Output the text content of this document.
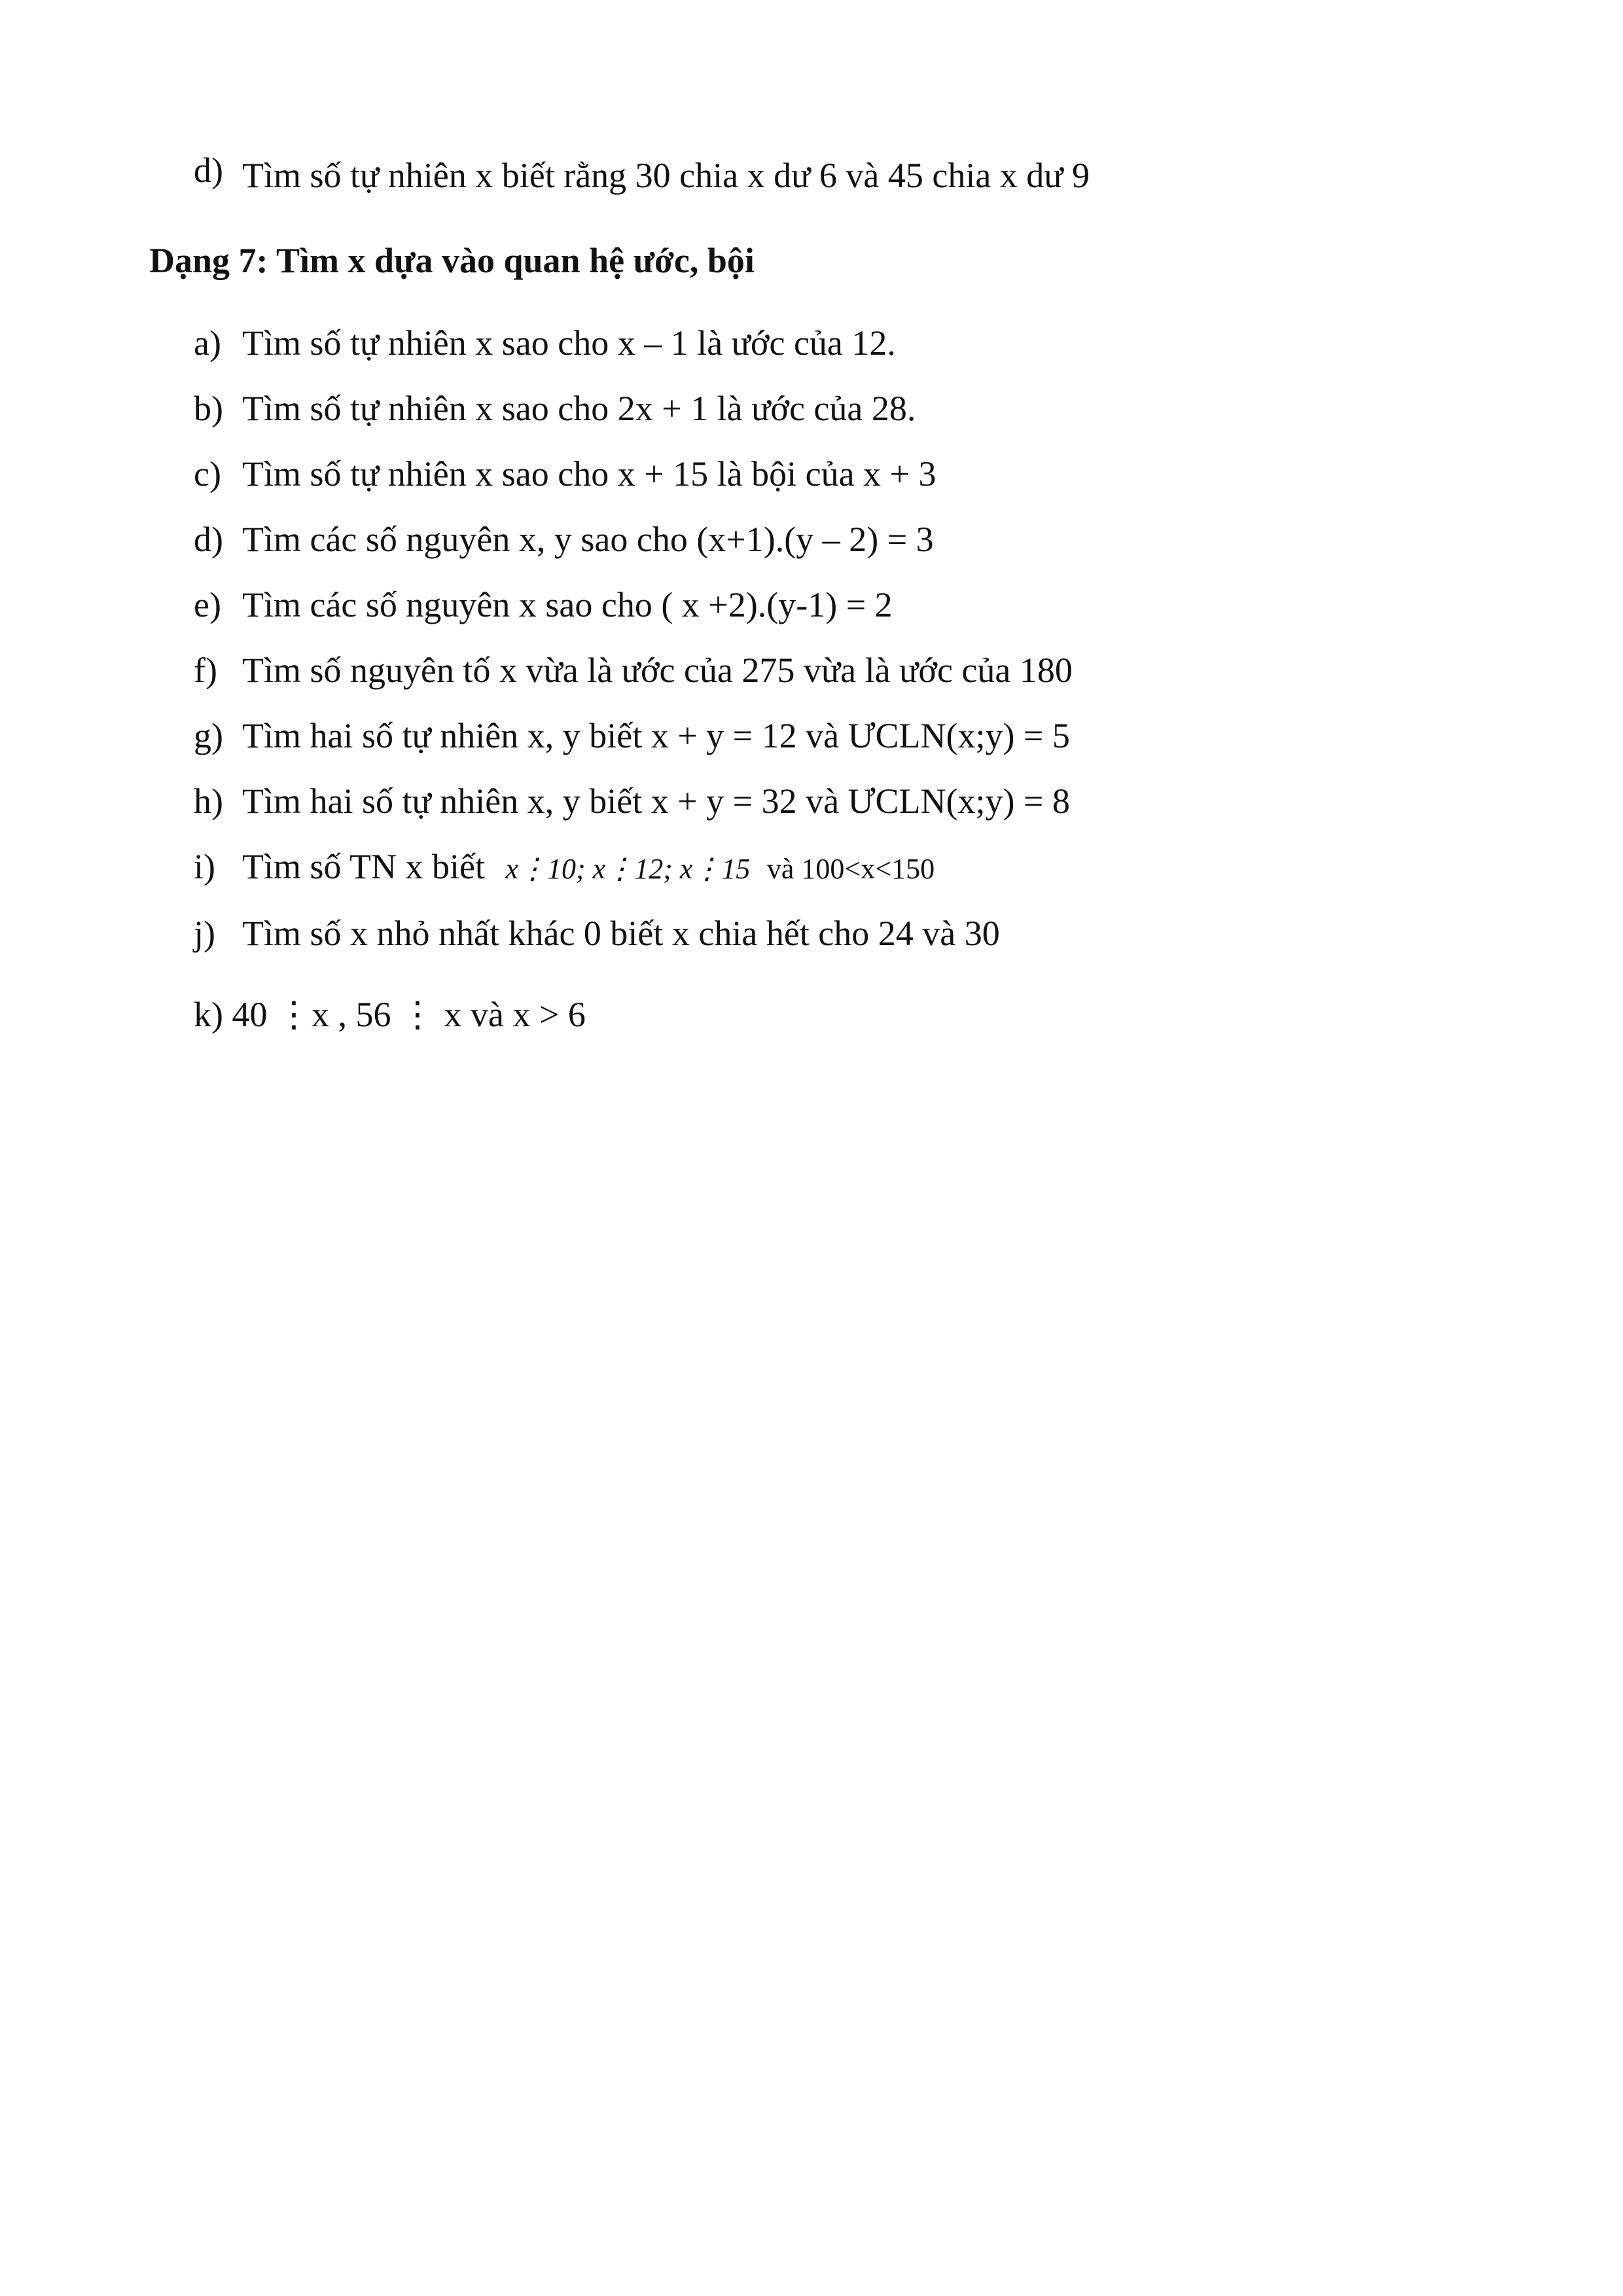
d) Tìm số tự nhiên x biết rằng 30 chia x dư 6 và 45 chia x dư 9
Dạng 7: Tìm x dựa vào quan hệ ước, bội
a) Tìm số tự nhiên x sao cho x – 1 là ước của 12.
b) Tìm số tự nhiên x sao cho 2x + 1 là ước của 28.
c) Tìm số tự nhiên x sao cho x + 15 là bội của x + 3
d) Tìm các số nguyên x, y sao cho (x+1).(y – 2) = 3
e) Tìm các số nguyên x sao cho ( x +2).(y-1) = 2
f) Tìm số nguyên tố x vừa là ước của 275 vừa là ước của 180
g) Tìm hai số tự nhiên x, y biết x + y = 12 và ƯCLN(x;y) = 5
h) Tìm hai số tự nhiên x, y biết x + y = 32 và ƯCLN(x;y) = 8
i) Tìm số TN x biết x⋮10; x⋮12; x⋮15 và 100<x<150
j) Tìm số x nhỏ nhất khác 0 biết x chia hết cho 24 và 30
k) 40 ⋮x , 56 ⋮ x và x > 6
